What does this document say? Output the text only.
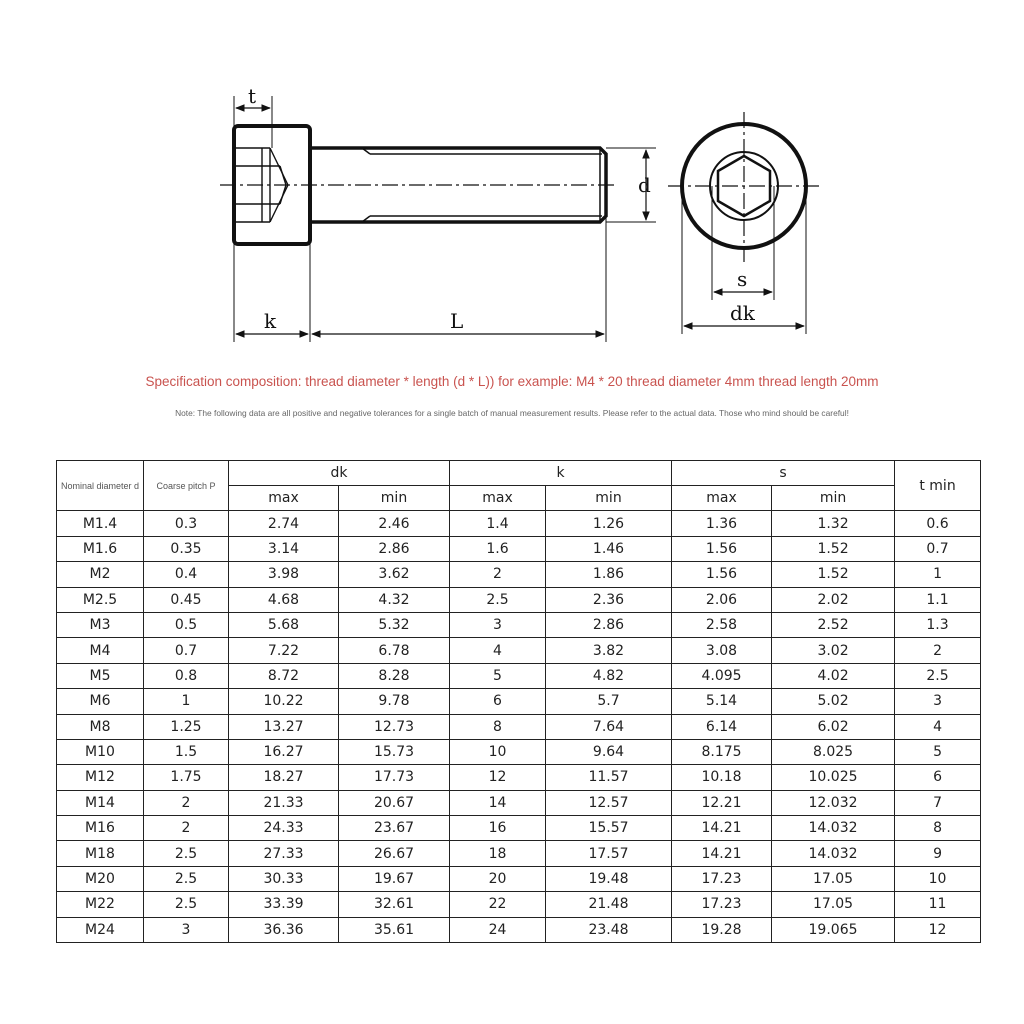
t
d
k	L
s
dk
Specification composition: thread diameter * length (d * L)) for example: M4 * 20 thread diameter 4mm thread length 20mm
Note: The following data are all positive and negative tolerances for a single batch of manual measurement results. Please refer to the actual data. Those who mind should be careful!
Nominal diameter d	Coarse pitch P	dk		k		s		t min
		max	min	max	min	max	min	
M1.4	0.3	2.74	2.46	1.4	1.26	1.36	1.32	0.6
M1.6	0.35	3.14	2.86	1.6	1.46	1.56	1.52	0.7
M2	0.4	3.98	3.62	2	1.86	1.56	1.52	1
M2.5	0.45	4.68	4.32	2.5	2.36	2.06	2.02	1.1
M3	0.5	5.68	5.32	3	2.86	2.58	2.52	1.3
M4	0.7	7.22	6.78	4	3.82	3.08	3.02	2
M5	0.8	8.72	8.28	5	4.82	4.095	4.02	2.5
M6	1	10.22	9.78	6	5.7	5.14	5.02	3
M8	1.25	13.27	12.73	8	7.64	6.14	6.02	4
M10	1.5	16.27	15.73	10	9.64	8.175	8.025	5
M12	1.75	18.27	17.73	12	11.57	10.18	10.025	6
M14	2	21.33	20.67	14	12.57	12.21	12.032	7
M16	2	24.33	23.67	16	15.57	14.21	14.032	8
M18	2.5	27.33	26.67	18	17.57	14.21	14.032	9
M20	2.5	30.33	19.67	20	19.48	17.23	17.05	10
M22	2.5	33.39	32.61	22	21.48	17.23	17.05	11
M24	3	36.36	35.61	24	23.48	19.28	19.065	12
